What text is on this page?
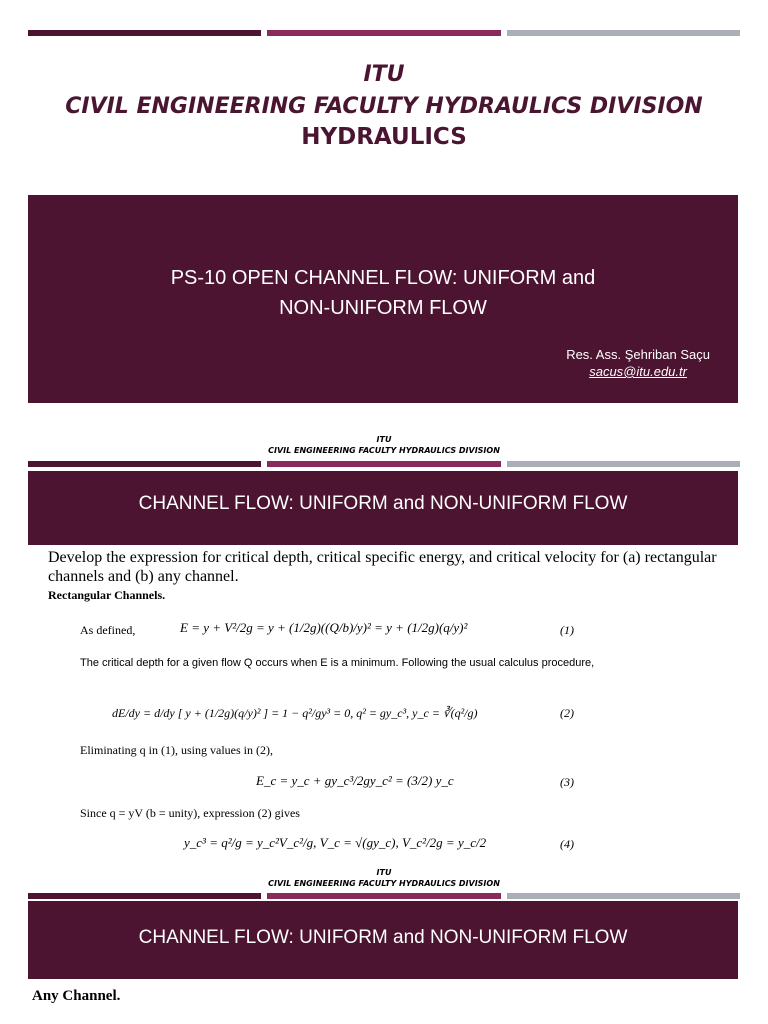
ITU
CIVIL ENGINEERING FACULTY HYDRAULICS DIVISION
HYDRAULICS
PS-10 OPEN CHANNEL FLOW: UNIFORM and
NON-UNIFORM FLOW
Res. Ass. Şehriban Saçu
sacus@itu.edu.tr
ITU
CIVIL ENGINEERING FACULTY HYDRAULICS DIVISION
CHANNEL FLOW: UNIFORM and NON-UNIFORM FLOW
Develop the expression for critical depth, critical specific energy, and critical velocity for (a) rectangular channels and (b) any channel.
Rectangular Channels.
As defined,	E = y + V²/2g = y + (1/2g)((Q/b)/y)² = y + (1/2g)(q/y)²	(1)
The critical depth for a given flow Q occurs when E is a minimum. Following the usual calculus procedure,
dE/dy = d/dy [ y + (1/2g)(q/y)² ] = 1 − q²/gy³ = 0, q² = gy_c³, y_c = ∛(q²/g)	(2)
Eliminating q in (1), using values in (2),
E_c = y_c + gy_c³/2gy_c² = (3/2) y_c	(3)
Since q = yV (b = unity), expression (2) gives
y_c³ = q²/g = y_c²V_c²/g, V_c = √(gy_c), V_c²/2g = y_c/2	(4)
ITU
CIVIL ENGINEERING FACULTY HYDRAULICS DIVISION
CHANNEL FLOW: UNIFORM and NON-UNIFORM FLOW
Any Channel.
